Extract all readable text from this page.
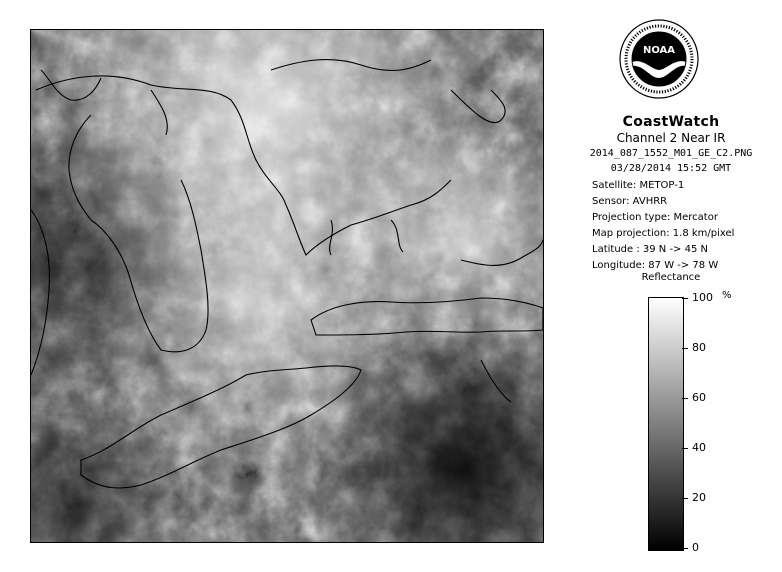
NOAA
CoastWatch
Channel 2 Near IR
2014_087_1552_M01_GE_C2.PNG
03/28/2014 15:52 GMT
Satellite: METOP-1
Sensor: AVHRR
Projection type: Mercator
Map projection: 1.8 km/pixel
Latitude : 39 N -> 45 N
Longitude: 87 W -> 78 W
Reflectance
%
100
80
60
40
20
0
